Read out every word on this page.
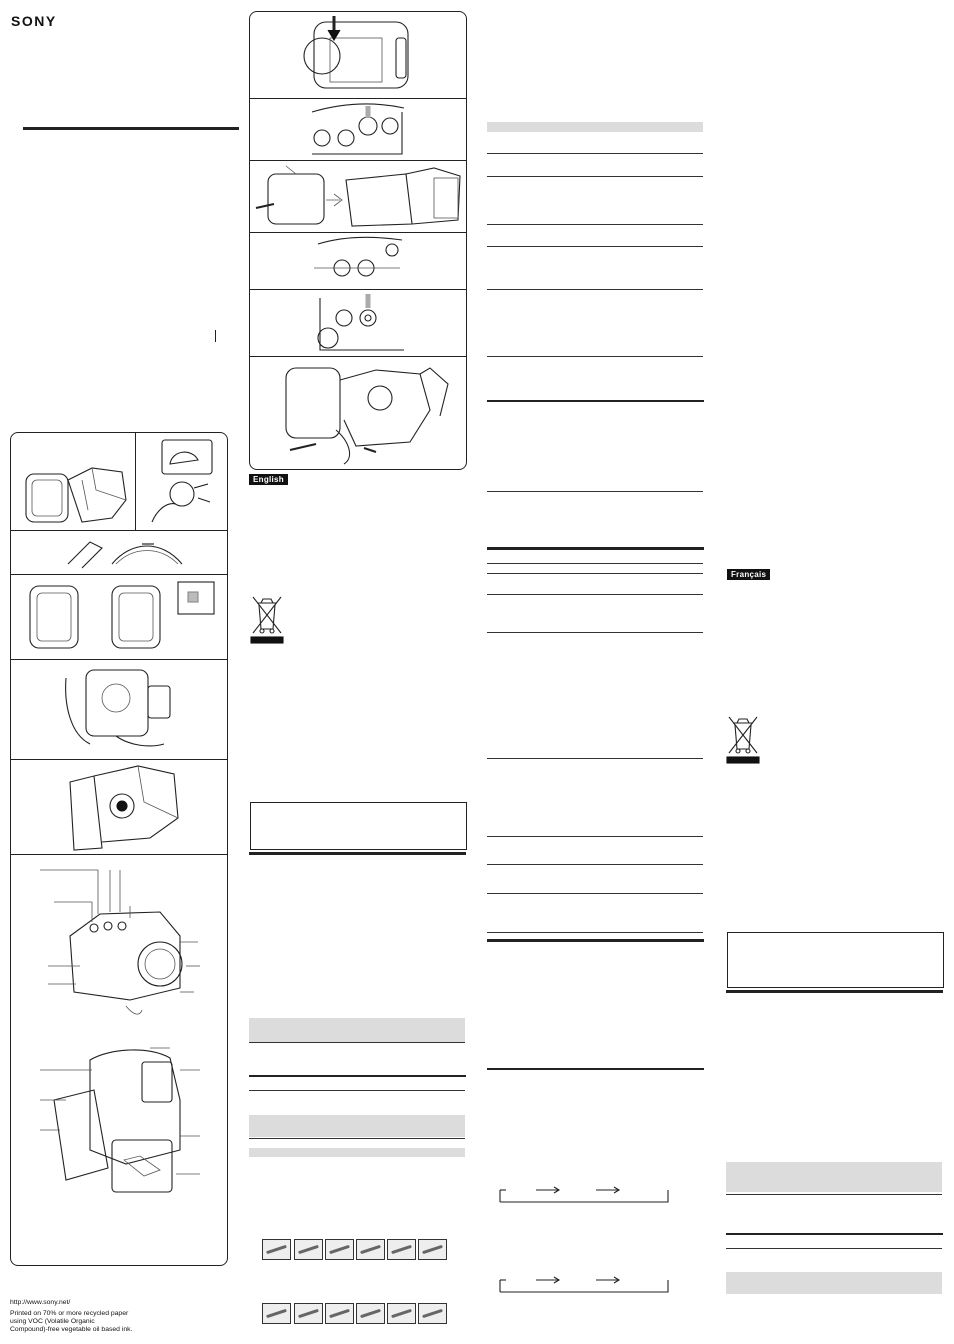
SONY
http://www.sony.net/
Printed on 70% or more recycled paper
using VOC (Volatile Organic
Compound)-free vegetable oil based ink.
English
Français
